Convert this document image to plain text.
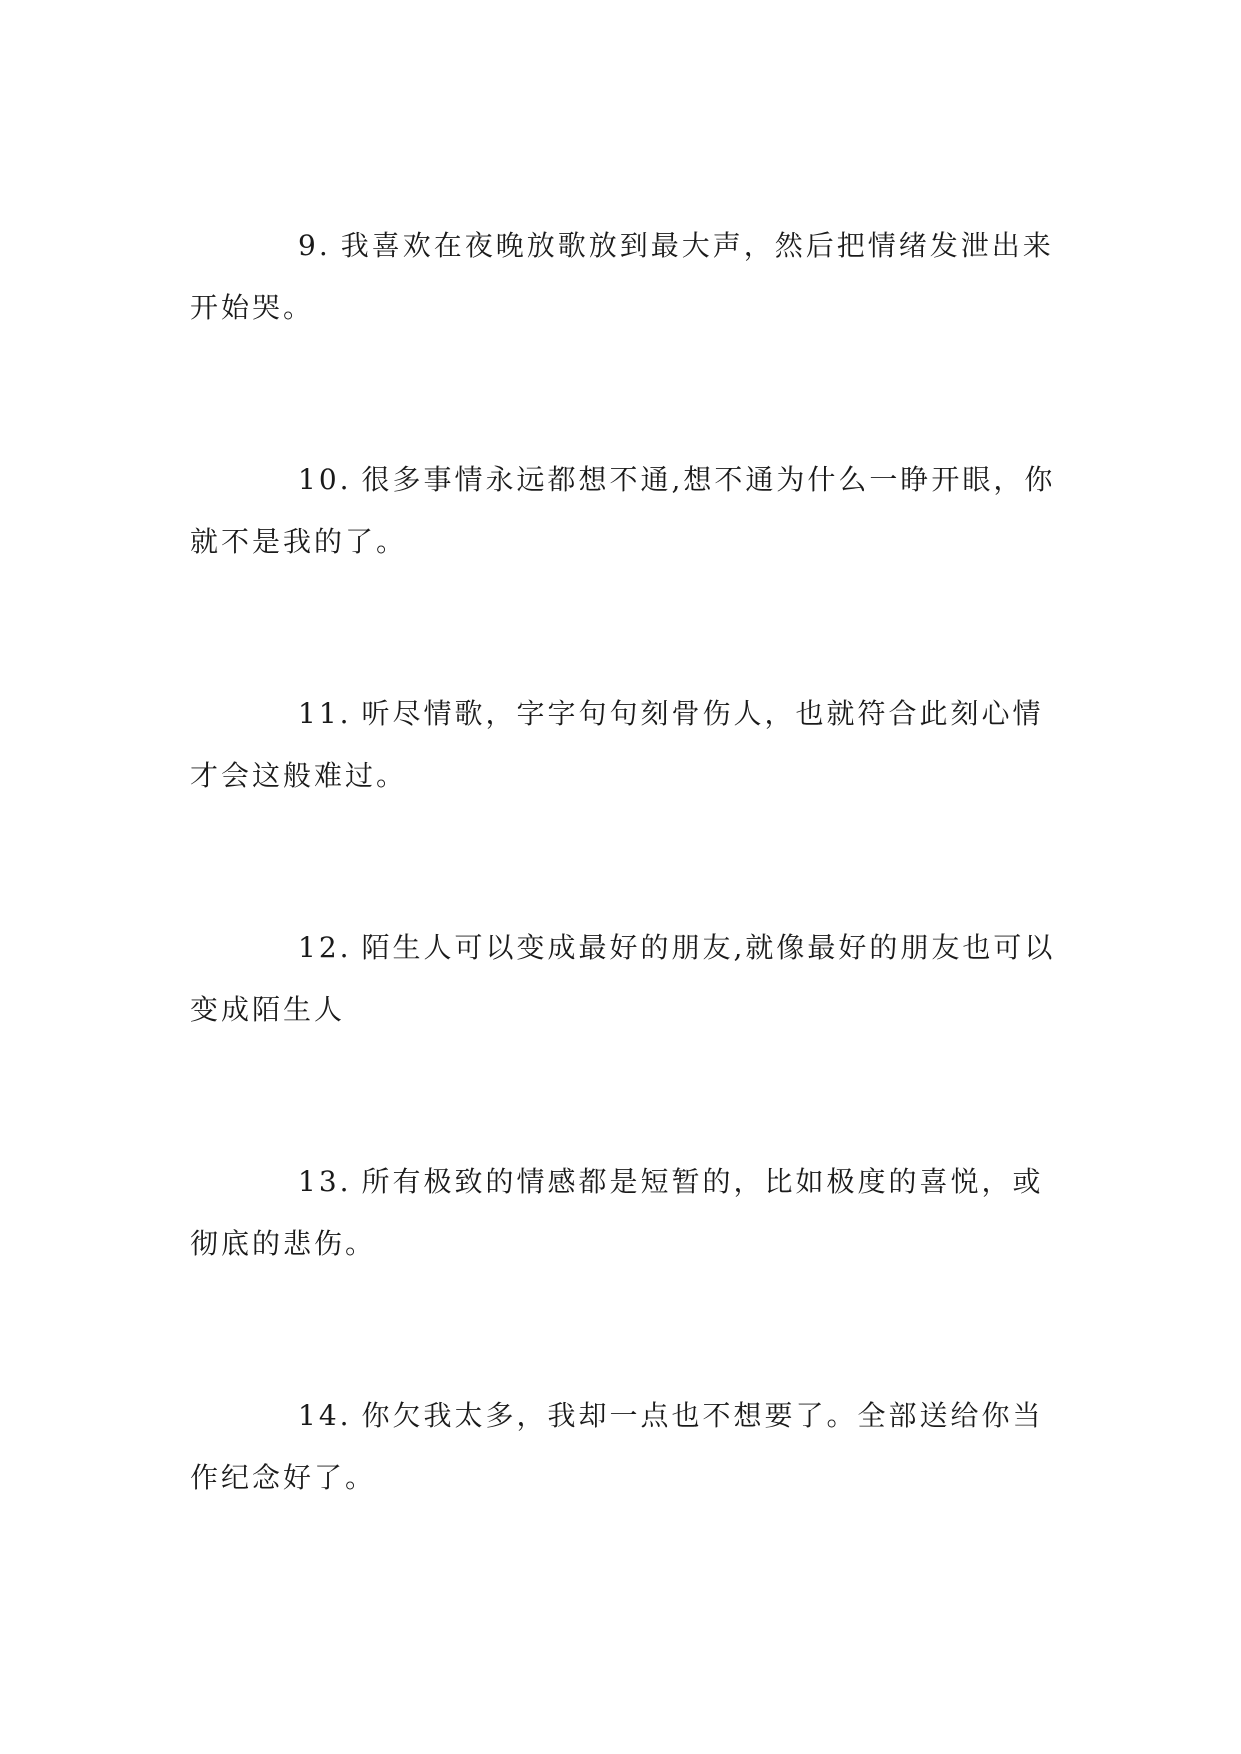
9. 我喜欢在夜晚放歌放到最大声，然后把情绪发泄出来开始哭。

10. 很多事情永远都想不通,想不通为什么一睁开眼，你就不是我的了。

11. 听尽情歌，字字句句刻骨伤人，也就符合此刻心情才会这般难过。

12. 陌生人可以变成最好的朋友,就像最好的朋友也可以变成陌生人

13. 所有极致的情感都是短暂的，比如极度的喜悦，或彻底的悲伤。

14. 你欠我太多，我却一点也不想要了。全部送给你当作纪念好了。
